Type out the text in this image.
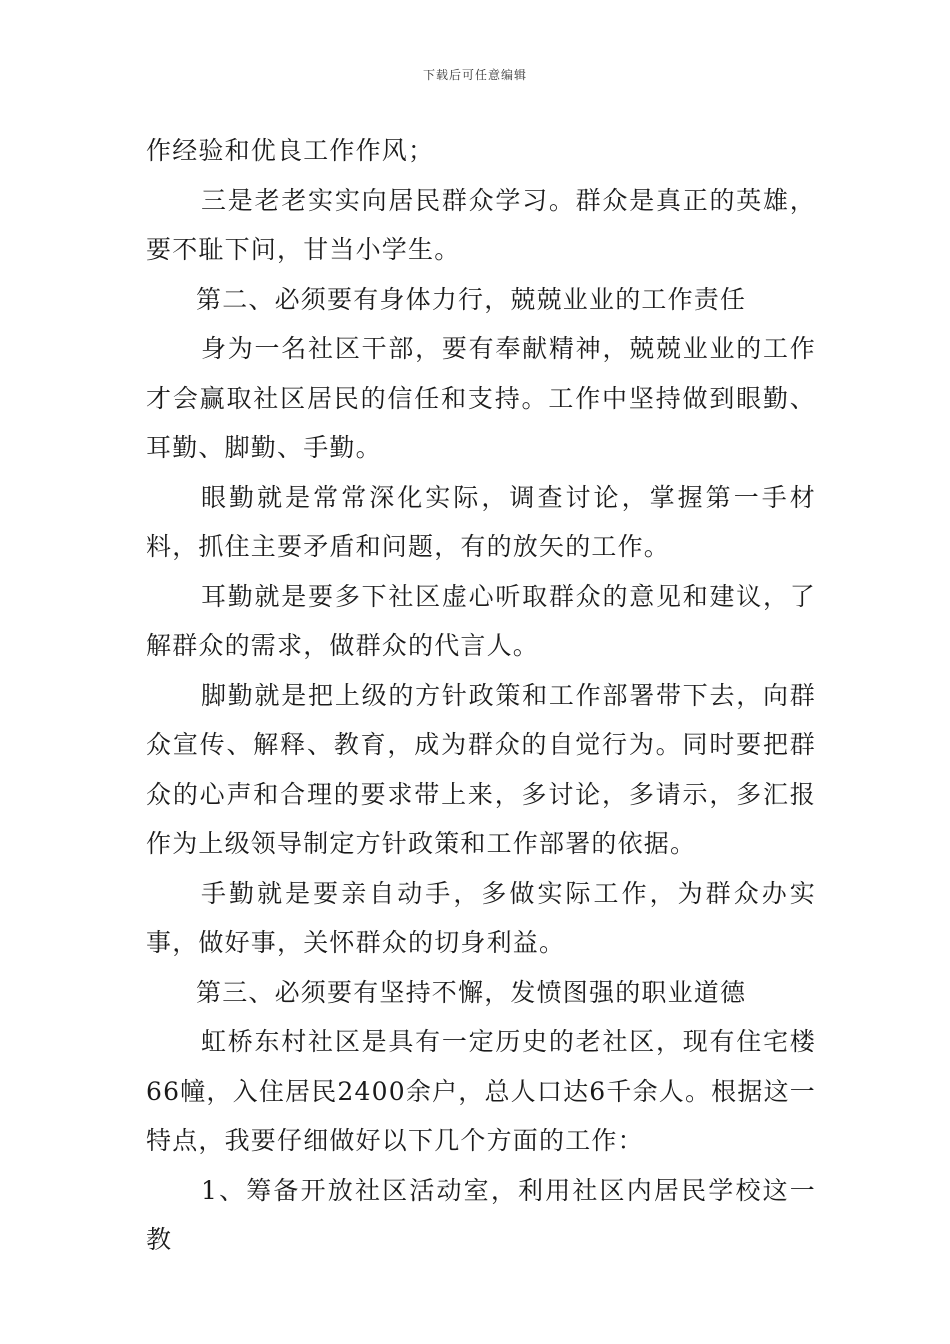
下载后可任意编辑

作经验和优良工作作风；

三是老老实实向居民群众学习。群众是真正的英雄，要不耻下问，甘当小学生。

第二、必须要有身体力行，兢兢业业的工作责任

身为一名社区干部，要有奉献精神，兢兢业业的工作才会赢取社区居民的信任和支持。工作中坚持做到眼勤、耳勤、脚勤、手勤。

眼勤就是常常深化实际，调查讨论，掌握第一手材料，抓住主要矛盾和问题，有的放矢的工作。

耳勤就是要多下社区虚心听取群众的意见和建议，了解群众的需求，做群众的代言人。

脚勤就是把上级的方针政策和工作部署带下去，向群众宣传、解释、教育，成为群众的自觉行为。同时要把群众的心声和合理的要求带上来，多讨论，多请示，多汇报作为上级领导制定方针政策和工作部署的依据。

手勤就是要亲自动手，多做实际工作，为群众办实事，做好事，关怀群众的切身利益。

第三、必须要有坚持不懈，发愤图强的职业道德

虹桥东村社区是具有一定历史的老社区，现有住宅楼66幢，入住居民2400余户，总人口达6千余人。根据这一特点，我要仔细做好以下几个方面的工作：

1、筹备开放社区活动室，利用社区内居民学校这一教
